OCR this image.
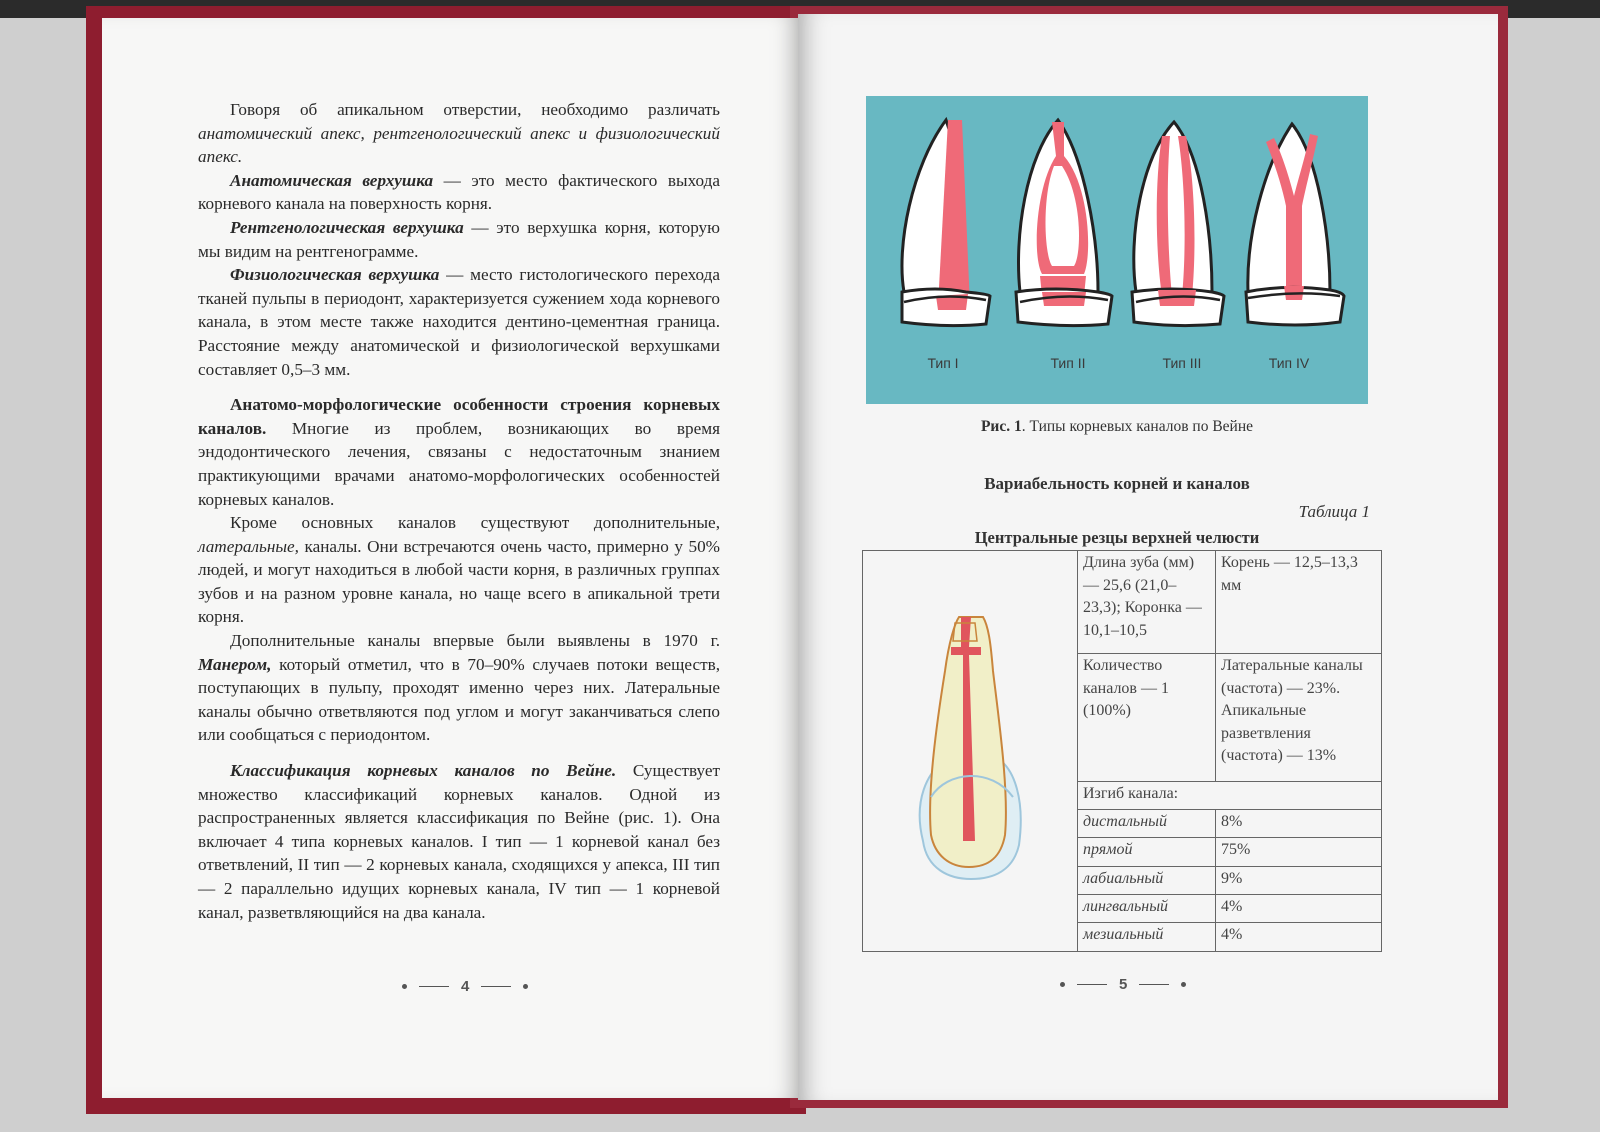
Говоря об апикальном отверстии, необходимо различать анатомический апекс, рентгенологический апекс и физиологический апекс.

Анатомическая верхушка — это место фактического выхода корневого канала на поверхность корня.

Рентгенологическая верхушка — это верхушка корня, которую мы видим на рентгенограмме.

Физиологическая верхушка — место гистологического перехода тканей пульпы в периодонт, характеризуется сужением хода корневого канала, в этом месте также находится дентино-цементная граница. Расстояние между анатомической и физиологической верхушками составляет 0,5–3 мм.

Анатомо-морфологические особенности строения корневых каналов. Многие из проблем, возникающих во время эндодонтического лечения, связаны с недостаточным знанием практикующими врачами анатомо-морфологических особенностей корневых каналов.

Кроме основных каналов существуют дополнительные, латеральные, каналы. Они встречаются очень часто, примерно у 50% людей, и могут находиться в любой части корня, в различных группах зубов и на разном уровне канала, но чаще всего в апикальной трети корня.

Дополнительные каналы впервые были выявлены в 1970 г. Манером, который отметил, что в 70–90% случаев потоки веществ, поступающих в пульпу, проходят именно через них. Латеральные каналы обычно ответвляются под углом и могут заканчиваться слепо или сообщаться с периодонтом.

Классификация корневых каналов по Вейне. Существует множество классификаций корневых каналов. Одной из распространенных является классификация по Вейне (рис. 1). Она включает 4 типа корневых каналов. I тип — 1 корневой канал без ответвлений, II тип — 2 корневых канала, сходящихся у апекса, III тип — 2 параллельно идущих корневых канала, IV тип — 1 корневой канал, разветвляющийся на два канала.

4
Тип I	Тип II	Тип III	Тип IV
Рис. 1. Типы корневых каналов по Вейне
Вариабельность корней и каналов
Таблица 1
Центральные резцы верхней челюсти
	Длина зуба (мм) — 25,6 (21,0–23,3); Коронка — 10,1–10,5	Корень — 12,5–13,3 мм
	Количество каналов — 1 (100%)	Латеральные каналы (частота) — 23%. Апикальные разветвления (частота) — 13%
	Изгиб канала:	
	дистальный	8%
	прямой	75%
	лабиальный	9%
	лингвальный	4%
	мезиальный	4%
5
